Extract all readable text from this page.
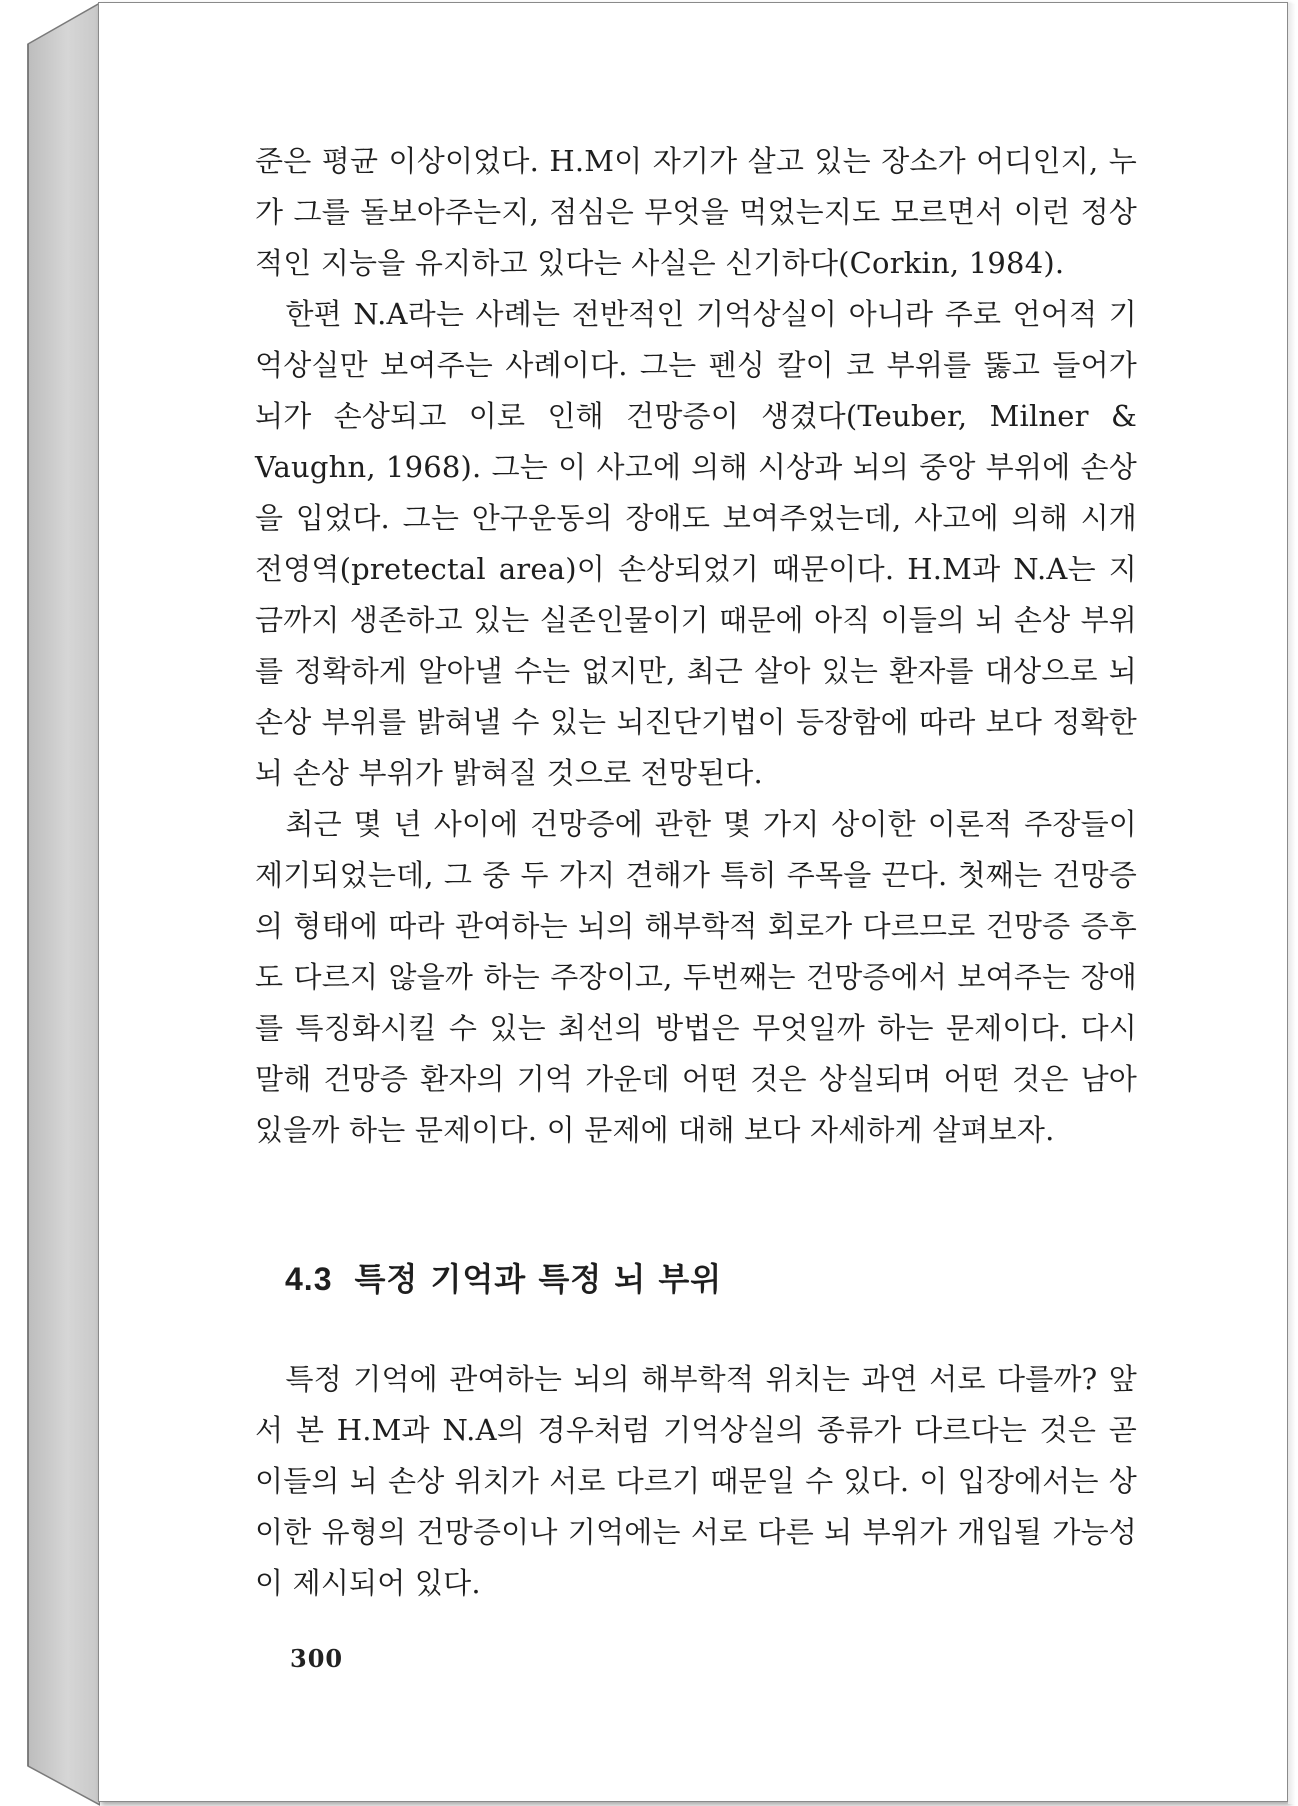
준은 평균 이상이었다. H.M이 자기가 살고 있는 장소가 어디인지, 누가 그를 돌보아주는지, 점심은 무엇을 먹었는지도 모르면서 이런 정상적인 지능을 유지하고 있다는 사실은 신기하다(Corkin, 1984).

한편 N.A라는 사례는 전반적인 기억상실이 아니라 주로 언어적 기억상실만 보여주는 사례이다. 그는 펜싱 칼이 코 부위를 뚫고 들어가 뇌가 손상되고 이로 인해 건망증이 생겼다(Teuber, Milner & Vaughn, 1968). 그는 이 사고에 의해 시상과 뇌의 중앙 부위에 손상을 입었다. 그는 안구운동의 장애도 보여주었는데, 사고에 의해 시개전영역(pretectal area)이 손상되었기 때문이다. H.M과 N.A는 지금까지 생존하고 있는 실존인물이기 때문에 아직 이들의 뇌 손상 부위를 정확하게 알아낼 수는 없지만, 최근 살아 있는 환자를 대상으로 뇌 손상 부위를 밝혀낼 수 있는 뇌진단기법이 등장함에 따라 보다 정확한 뇌 손상 부위가 밝혀질 것으로 전망된다.

최근 몇 년 사이에 건망증에 관한 몇 가지 상이한 이론적 주장들이 제기되었는데, 그 중 두 가지 견해가 특히 주목을 끈다. 첫째는 건망증의 형태에 따라 관여하는 뇌의 해부학적 회로가 다르므로 건망증 증후도 다르지 않을까 하는 주장이고, 두번째는 건망증에서 보여주는 장애를 특징화시킬 수 있는 최선의 방법은 무엇일까 하는 문제이다. 다시 말해 건망증 환자의 기억 가운데 어떤 것은 상실되며 어떤 것은 남아 있을까 하는 문제이다. 이 문제에 대해 보다 자세하게 살펴보자.

4.3 특정 기억과 특정 뇌 부위

특정 기억에 관여하는 뇌의 해부학적 위치는 과연 서로 다를까? 앞서 본 H.M과 N.A의 경우처럼 기억상실의 종류가 다르다는 것은 곧 이들의 뇌 손상 위치가 서로 다르기 때문일 수 있다. 이 입장에서는 상이한 유형의 건망증이나 기억에는 서로 다른 뇌 부위가 개입될 가능성이 제시되어 있다.

300
